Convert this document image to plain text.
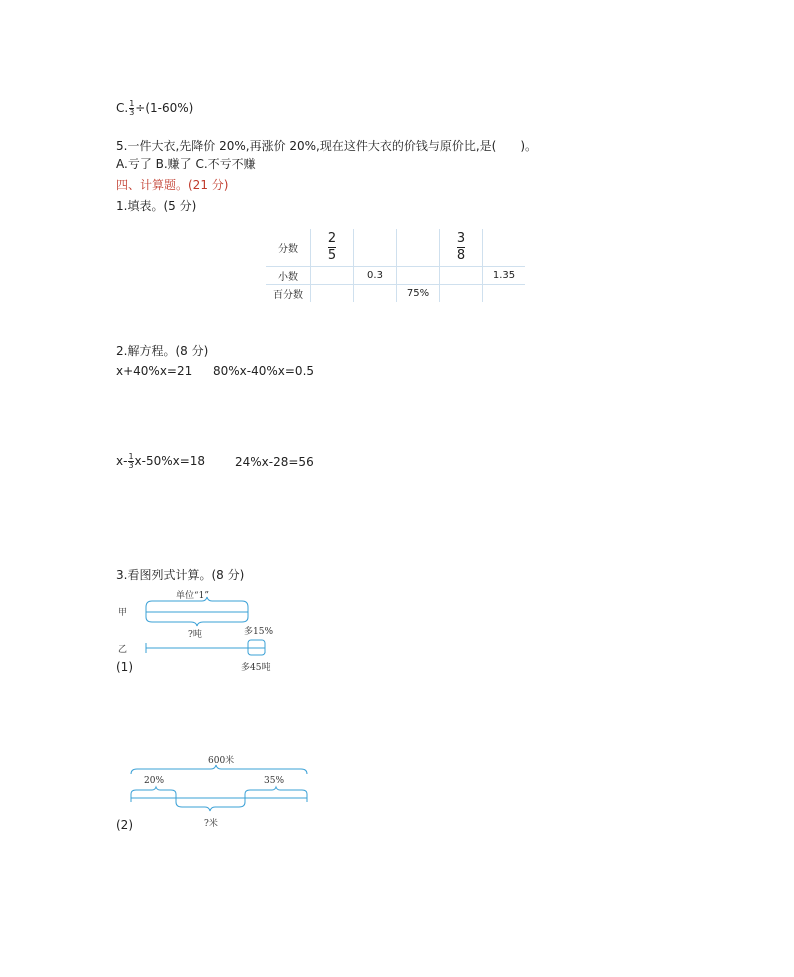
C. $\frac{1}{3} \div(1-60\%)$
5.一件大衣,先降价 20%,再涨价 20%,现在这件大衣的价钱与原价比,是(　　)。
A.亏了 B.赚了 C.不亏不赚
四、计算题。(21 分)
1.填表。(5 分)
分数	$\frac{2}{5}$			$\frac{3}{8}$

小数		0.3			1.35
百分数			75%		
2.解方程。(8 分)
x+40%x=21 80%x-40%x=0.5
$x- \frac{1}{3} x-50\%x=18$ 24%x-28=56
3.看图列式计算。(8 分)
甲
单位“1”
?吨	多15%
乙
多45吨
(1)
600米
20%	35%
?米
(2)
